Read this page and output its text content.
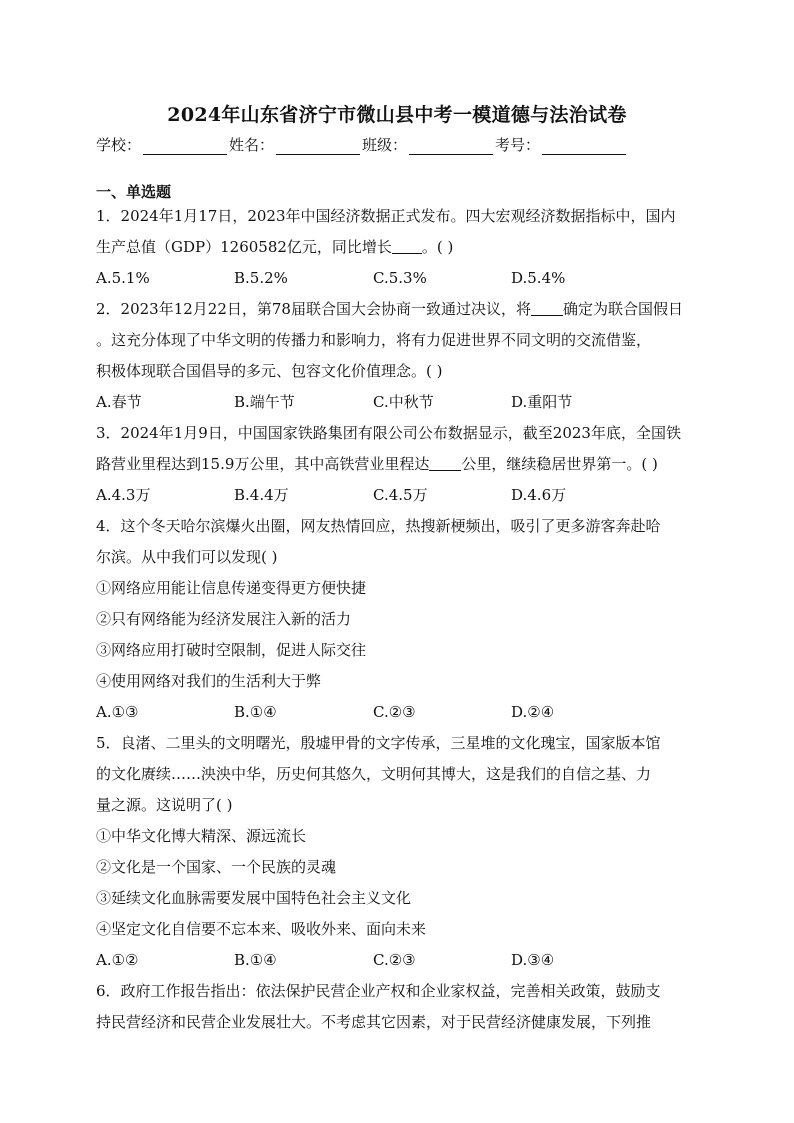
2024年山东省济宁市微山县中考一模道德与法治试卷
学校：	姓名：	班级：	考号：
一、单选题
1．2024年1月17日，2023年中国经济数据正式发布。四大宏观经济数据指标中，国内
生产总值（GDP）1260582亿元，同比增长 。( )
A.5.1%	B.5.2%	C.5.3%	D.5.4%
2．2023年12月22日，第78届联合国大会协商一致通过决议，将 确定为联合国假日
。这充分体现了中华文明的传播力和影响力，将有力促进世界不同文明的交流借鉴，
积极体现联合国倡导的多元、包容文化价值理念。( )
A.春节	B.端午节	C.中秋节	D.重阳节
3．2024年1月9日，中国国家铁路集团有限公司公布数据显示，截至2023年底，全国铁
路营业里程达到15.9万公里，其中高铁营业里程达 公里，继续稳居世界第一。( )
A.4.3万	B.4.4万	C.4.5万	D.4.6万
4．这个冬天哈尔滨爆火出圈，网友热情回应，热搜新梗频出，吸引了更多游客奔赴哈
尔滨。从中我们可以发现( )
①网络应用能让信息传递变得更方便快捷
②只有网络能为经济发展注入新的活力
③网络应用打破时空限制，促进人际交往
④使用网络对我们的生活利大于弊
A.①③	B.①④	C.②③	D.②④
5．良渚、二里头的文明曙光，殷墟甲骨的文字传承，三星堆的文化瑰宝，国家版本馆
的文化赓续……泱泱中华，历史何其悠久，文明何其博大，这是我们的自信之基、力
量之源。这说明了( )
①中华文化博大精深、源远流长
②文化是一个国家、一个民族的灵魂
③延续文化血脉需要发展中国特色社会主义文化
④坚定文化自信要不忘本来、吸收外来、面向未来
A.①②	B.①④	C.②③	D.③④
6．政府工作报告指出：依法保护民营企业产权和企业家权益，完善相关政策，鼓励支
持民营经济和民营企业发展壮大。不考虑其它因素，对于民营经济健康发展，下列推
